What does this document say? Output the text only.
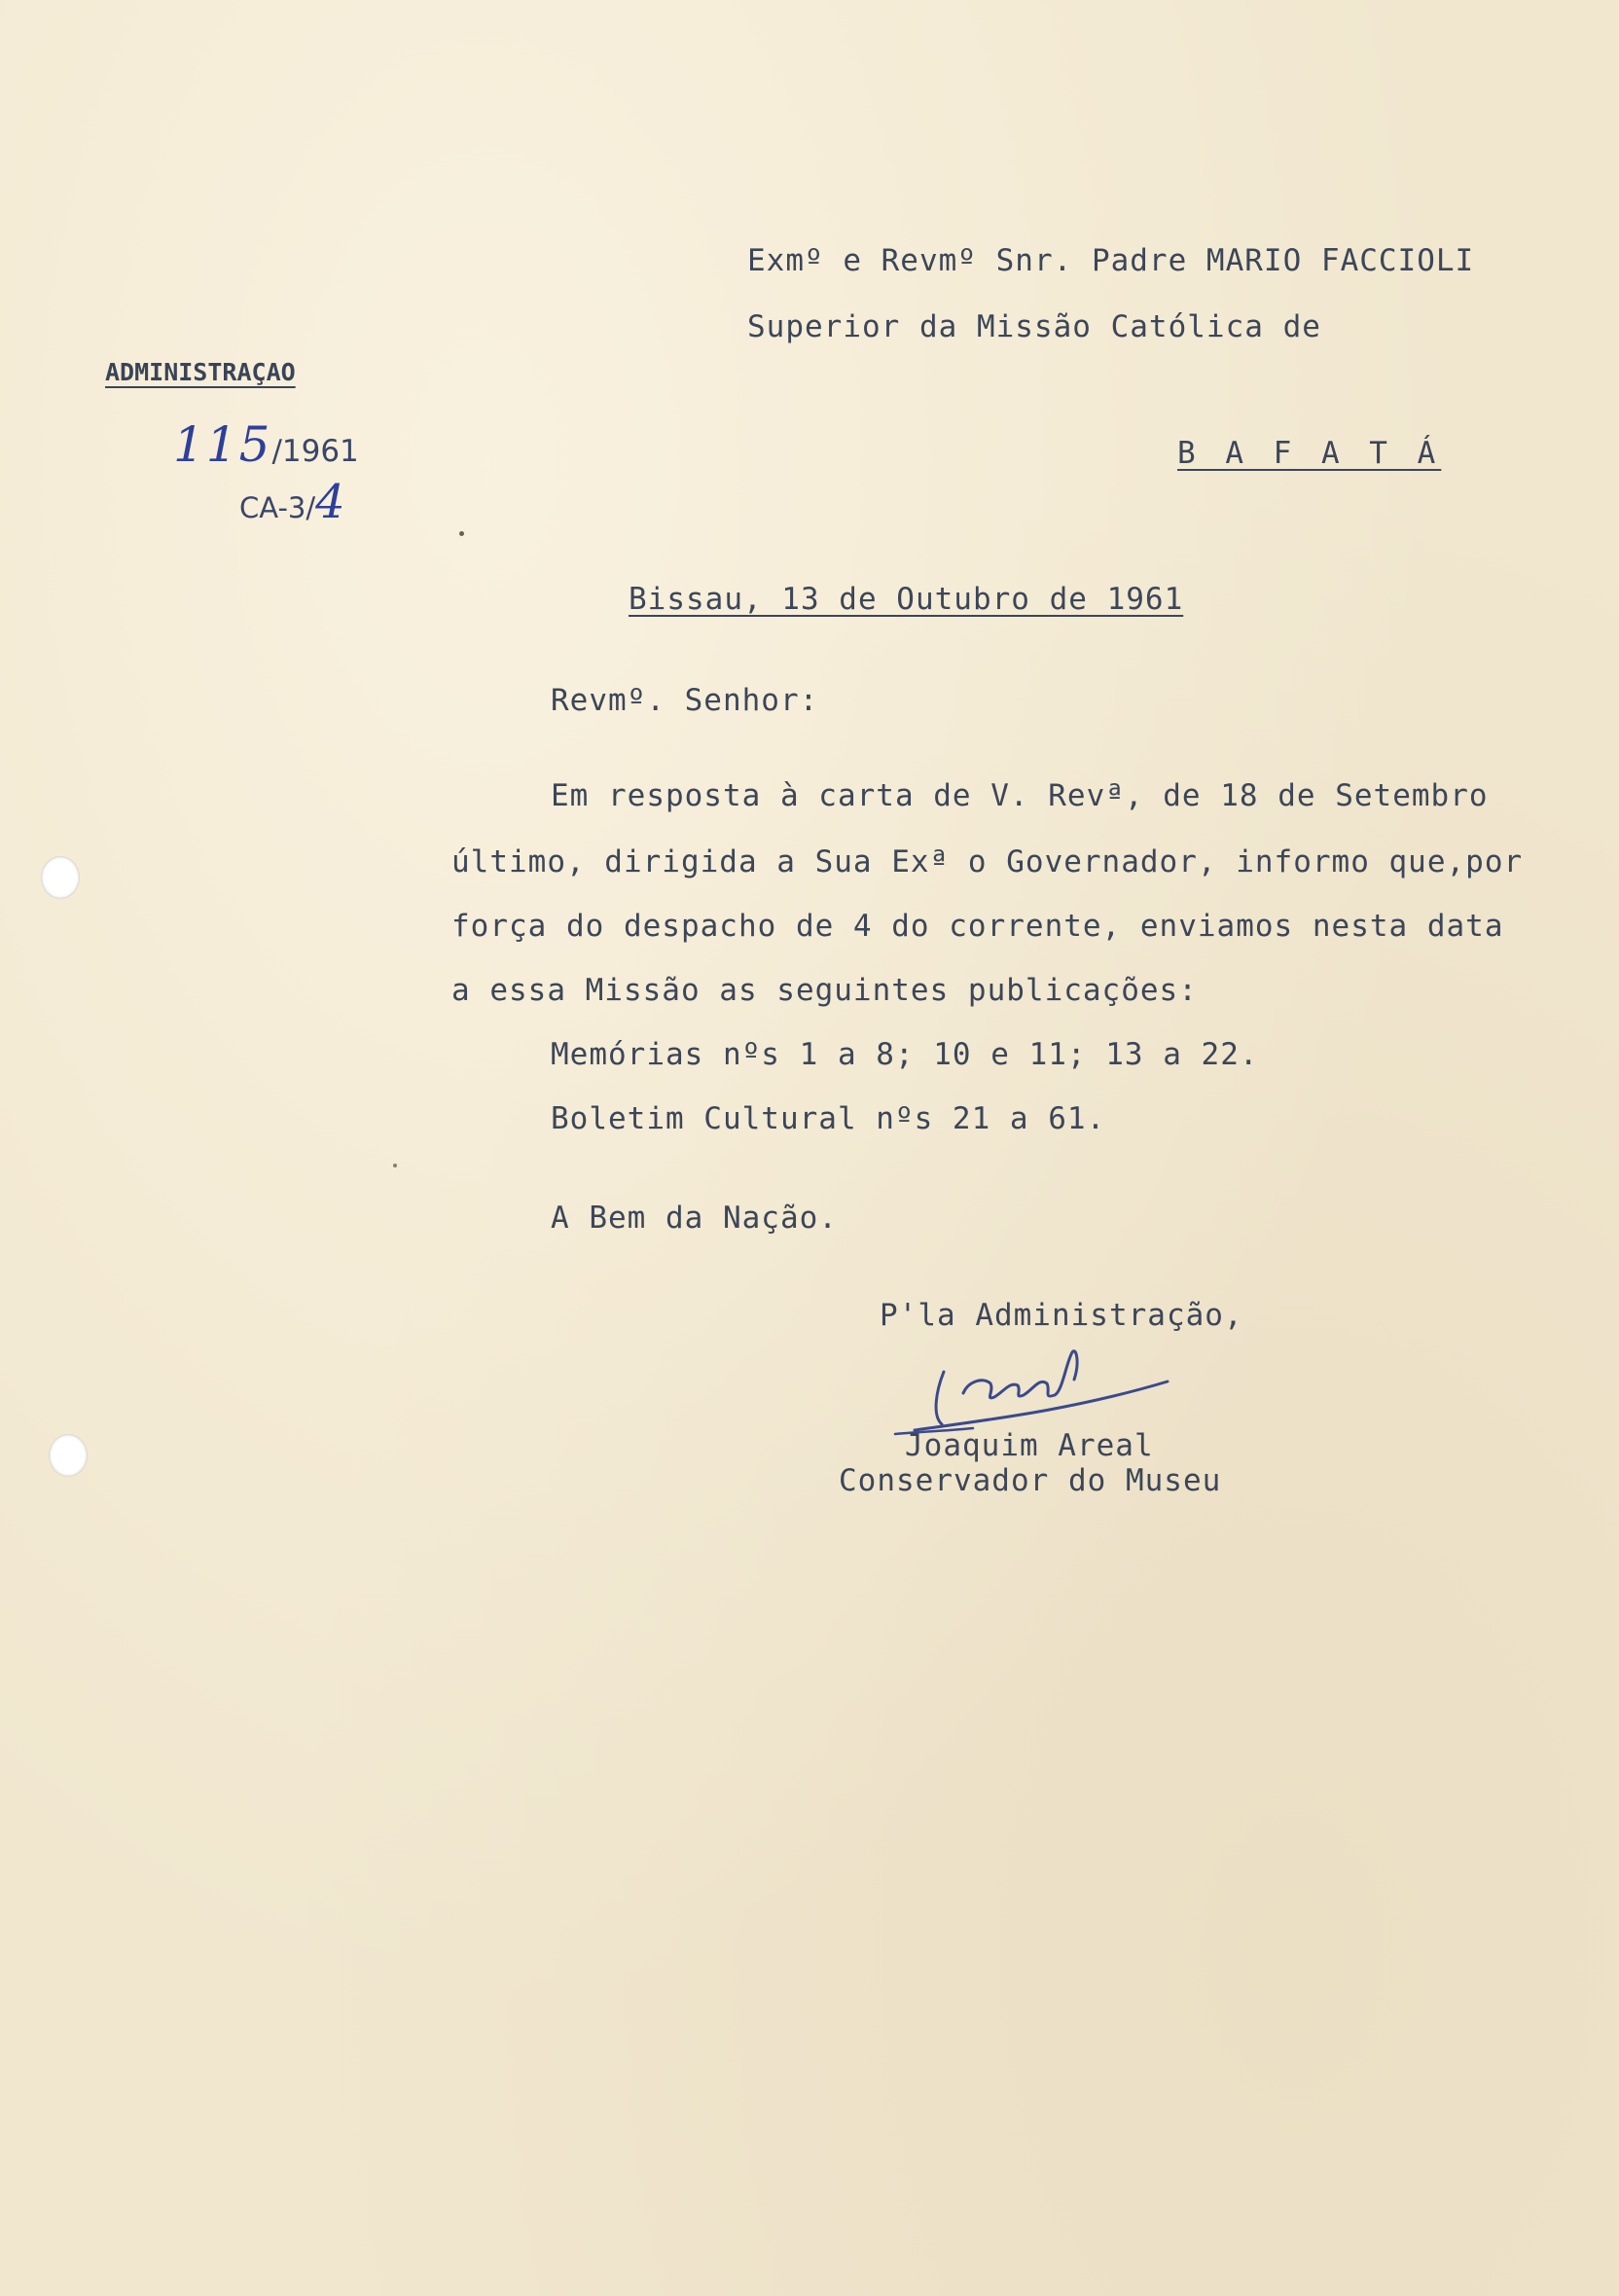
Exmº e Revmº Snr. Padre MARIO FACCIOLI
Superior da Missão Católica de
B A F A T Á
ADMINISTRAÇAO
115/1961
CA-3/4
Bissau, 13 de Outubro de 1961
Revmº. Senhor:
Em resposta à carta de V. Revª, de 18 de Setembro
último, dirigida a Sua Exª o Governador, informo que,por
força do despacho de 4 do corrente, enviamos nesta data
a essa Missão as seguintes publicações:
Memórias nºs 1 a 8; 10 e 11; 13 a 22.
Boletim Cultural nºs 21 a 61.
A Bem da Nação.
P'la Administração,
Joaquim Areal
Conservador do Museu
